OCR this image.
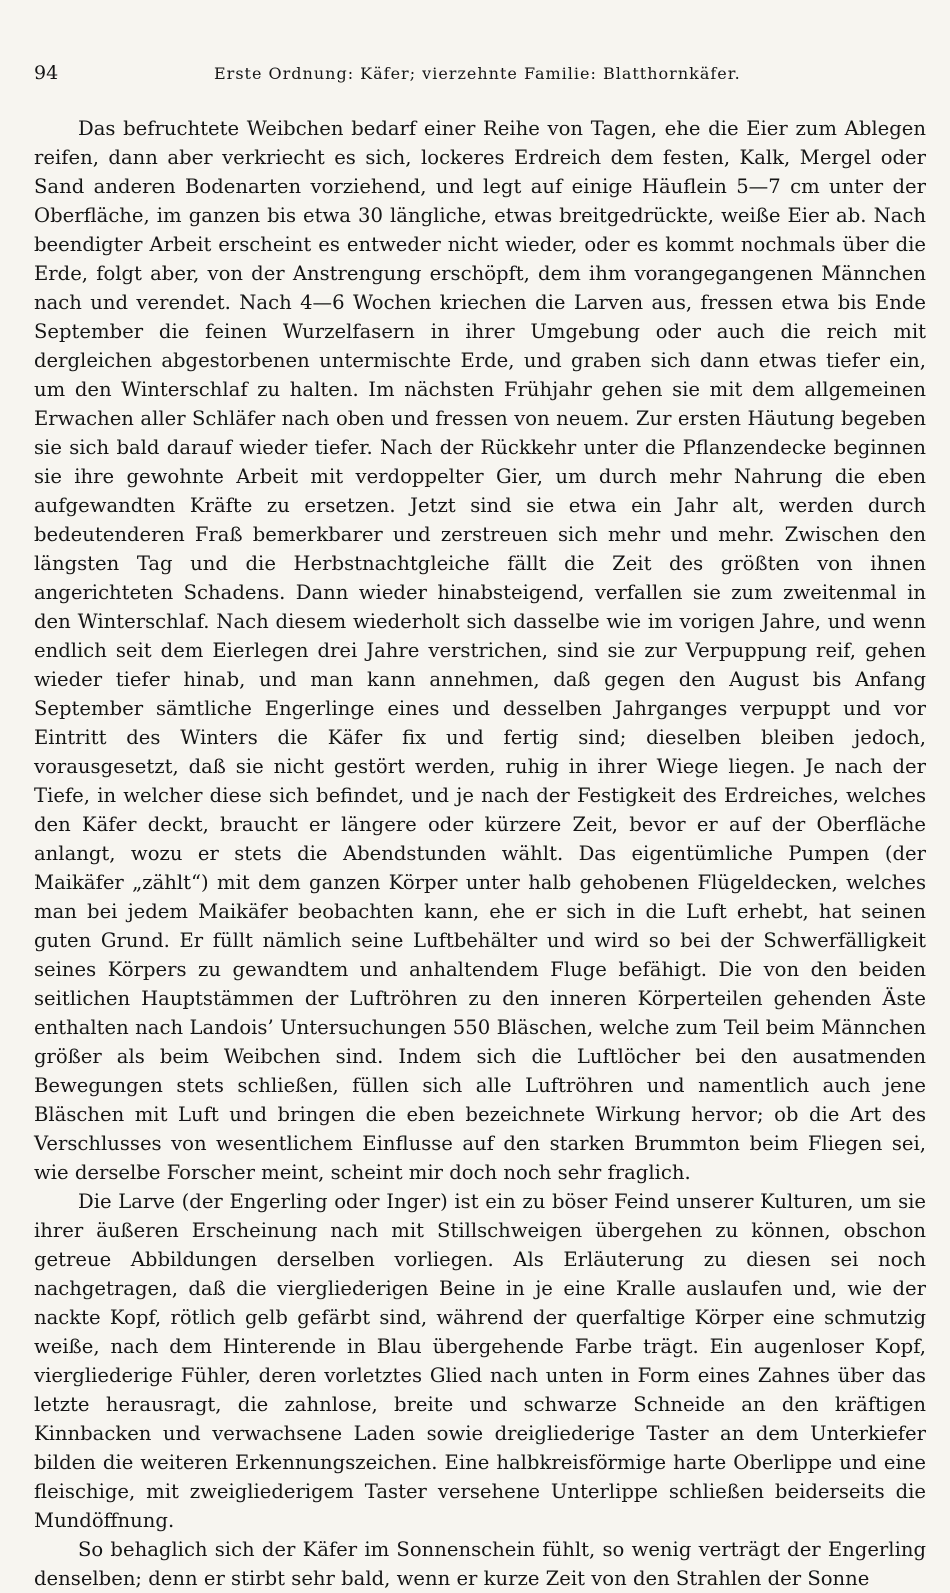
94	Erste Ordnung: Käfer; vierzehnte Familie: Blatthornkäfer.

Das befruchtete Weibchen bedarf einer Reihe von Tagen, ehe die Eier zum Ablegen reifen, dann aber verkriecht es sich, lockeres Erdreich dem festen, Kalk, Mergel oder Sand anderen Bodenarten vorziehend, und legt auf einige Häuflein 5—7 cm unter der Oberfläche, im ganzen bis etwa 30 längliche, etwas breitgedrückte, weiße Eier ab. Nach beendigter Arbeit erscheint es entweder nicht wieder, oder es kommt nochmals über die Erde, folgt aber, von der Anstrengung erschöpft, dem ihm vorangegangenen Männchen nach und verendet. Nach 4—6 Wochen kriechen die Larven aus, fressen etwa bis Ende September die feinen Wurzelfasern in ihrer Umgebung oder auch die reich mit dergleichen abgestorbenen untermischte Erde, und graben sich dann etwas tiefer ein, um den Winterschlaf zu halten. Im nächsten Frühjahr gehen sie mit dem allgemeinen Erwachen aller Schläfer nach oben und fressen von neuem. Zur ersten Häutung begeben sie sich bald darauf wieder tiefer. Nach der Rückkehr unter die Pflanzendecke beginnen sie ihre gewohnte Arbeit mit verdoppelter Gier, um durch mehr Nahrung die eben aufgewandten Kräfte zu ersetzen. Jetzt sind sie etwa ein Jahr alt, werden durch bedeutenderen Fraß bemerkbarer und zerstreuen sich mehr und mehr. Zwischen den längsten Tag und die Herbstnachtgleiche fällt die Zeit des größten von ihnen angerichteten Schadens. Dann wieder hinabsteigend, verfallen sie zum zweitenmal in den Winterschlaf. Nach diesem wiederholt sich dasselbe wie im vorigen Jahre, und wenn endlich seit dem Eierlegen drei Jahre verstrichen, sind sie zur Verpuppung reif, gehen wieder tiefer hinab, und man kann annehmen, daß gegen den August bis Anfang September sämtliche Engerlinge eines und desselben Jahrganges verpuppt und vor Eintritt des Winters die Käfer fix und fertig sind; dieselben bleiben jedoch, vorausgesetzt, daß sie nicht gestört werden, ruhig in ihrer Wiege liegen. Je nach der Tiefe, in welcher diese sich befindet, und je nach der Festigkeit des Erdreiches, welches den Käfer deckt, braucht er längere oder kürzere Zeit, bevor er auf der Oberfläche anlangt, wozu er stets die Abendstunden wählt. Das eigentümliche Pumpen (der Maikäfer „zählt“) mit dem ganzen Körper unter halb gehobenen Flügeldecken, welches man bei jedem Maikäfer beobachten kann, ehe er sich in die Luft erhebt, hat seinen guten Grund. Er füllt nämlich seine Luftbehälter und wird so bei der Schwerfälligkeit seines Körpers zu gewandtem und anhaltendem Fluge befähigt. Die von den beiden seitlichen Hauptstämmen der Luftröhren zu den inneren Körperteilen gehenden Äste enthalten nach Landois’ Untersuchungen 550 Bläschen, welche zum Teil beim Männchen größer als beim Weibchen sind. Indem sich die Luftlöcher bei den ausatmenden Bewegungen stets schließen, füllen sich alle Luftröhren und namentlich auch jene Bläschen mit Luft und bringen die eben bezeichnete Wirkung hervor; ob die Art des Verschlusses von wesentlichem Einflusse auf den starken Brummton beim Fliegen sei, wie derselbe Forscher meint, scheint mir doch noch sehr fraglich.

Die Larve (der Engerling oder Inger) ist ein zu böser Feind unserer Kulturen, um sie ihrer äußeren Erscheinung nach mit Stillschweigen übergehen zu können, obschon getreue Abbildungen derselben vorliegen. Als Erläuterung zu diesen sei noch nachgetragen, daß die viergliederigen Beine in je eine Kralle auslaufen und, wie der nackte Kopf, rötlich gelb gefärbt sind, während der querfaltige Körper eine schmutzig weiße, nach dem Hinterende in Blau übergehende Farbe trägt. Ein augenloser Kopf, viergliederige Fühler, deren vorletztes Glied nach unten in Form eines Zahnes über das letzte herausragt, die zahnlose, breite und schwarze Schneide an den kräftigen Kinnbacken und verwachsene Laden sowie dreigliederige Taster an dem Unterkiefer bilden die weiteren Erkennungszeichen. Eine halbkreisförmige harte Oberlippe und eine fleischige, mit zweigliederigem Taster versehene Unterlippe schließen beiderseits die Mundöffnung.

So behaglich sich der Käfer im Sonnenschein fühlt, so wenig verträgt der Engerling denselben; denn er stirbt sehr bald, wenn er kurze Zeit von den Strahlen der Sonne
